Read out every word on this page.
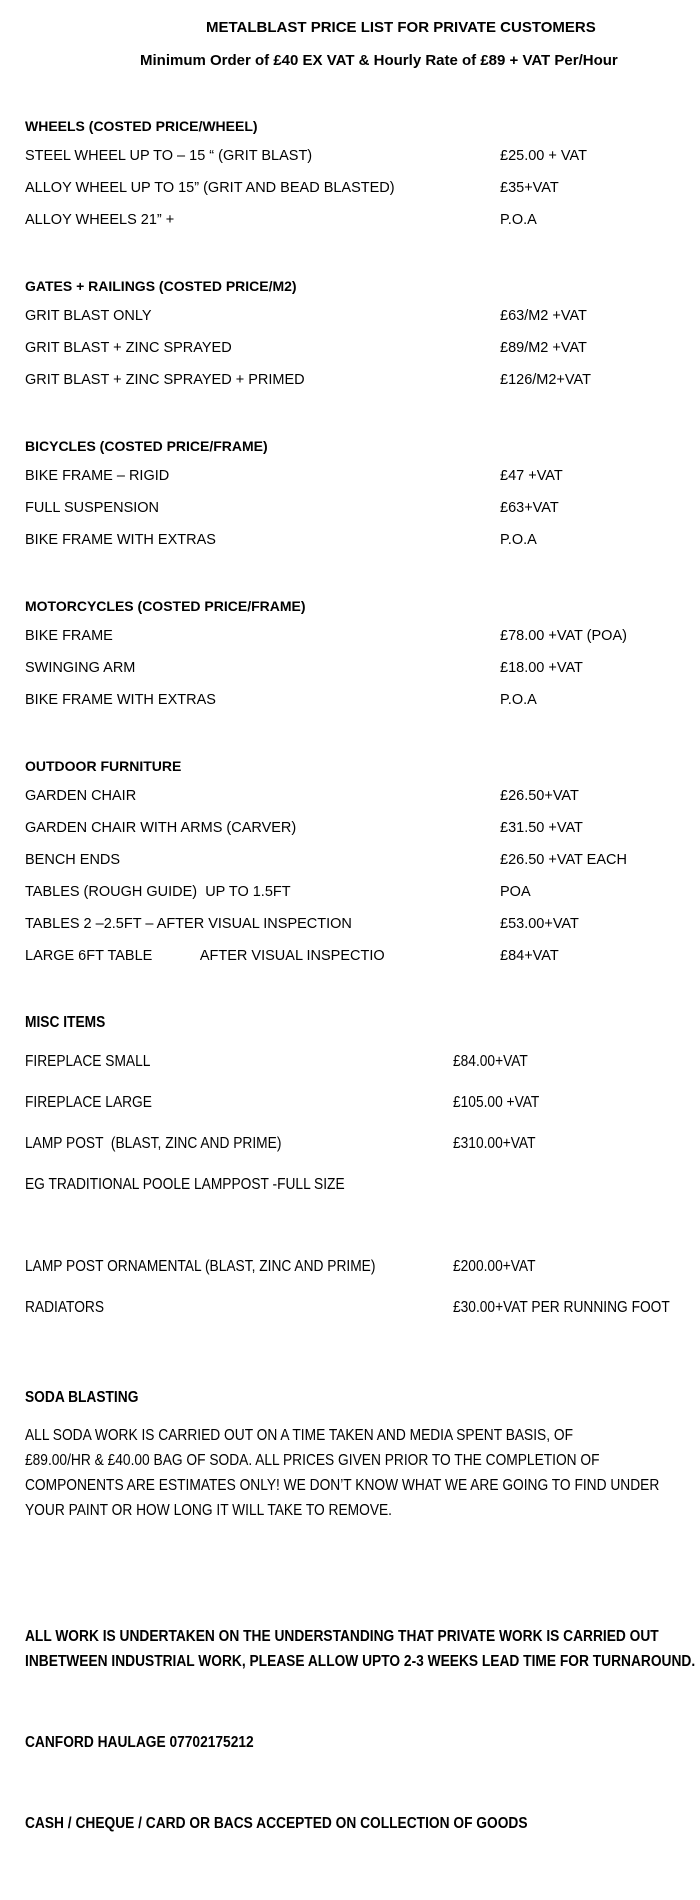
METALBLAST PRICE LIST FOR PRIVATE CUSTOMERS
Minimum Order of £40 EX VAT & Hourly Rate of £89 + VAT Per/Hour
WHEELS (COSTED PRICE/WHEEL)
STEEL WHEEL UP TO – 15 “ (GRIT BLAST)	£25.00 + VAT
ALLOY WHEEL UP TO 15” (GRIT AND BEAD BLASTED)	£35+VAT
ALLOY WHEELS 21” +	P.O.A
GATES + RAILINGS (COSTED PRICE/M2)
GRIT BLAST ONLY	£63/M2 +VAT
GRIT BLAST + ZINC SPRAYED	£89/M2 +VAT
GRIT BLAST + ZINC SPRAYED + PRIMED	£126/M2+VAT
BICYCLES (COSTED PRICE/FRAME)
BIKE FRAME – RIGID	£47 +VAT
FULL SUSPENSION	£63+VAT
BIKE FRAME WITH EXTRAS	P.O.A
MOTORCYCLES (COSTED PRICE/FRAME)
BIKE FRAME	£78.00 +VAT (POA)
SWINGING ARM	£18.00 +VAT
BIKE FRAME WITH EXTRAS	P.O.A
OUTDOOR FURNITURE
GARDEN CHAIR	£26.50+VAT
GARDEN CHAIR WITH ARMS (CARVER)	£31.50 +VAT
BENCH ENDS	£26.50 +VAT EACH
TABLES (ROUGH GUIDE)  UP TO 1.5FT	POA
TABLES 2 –2.5FT – AFTER VISUAL INSPECTION	£53.00+VAT
LARGE 6FT TABLE            AFTER VISUAL INSPECTIO	£84+VAT
MISC ITEMS
FIREPLACE SMALL	£84.00+VAT
FIREPLACE LARGE	£105.00 +VAT
LAMP POST  (BLAST, ZINC AND PRIME)	£310.00+VAT
EG TRADITIONAL POOLE LAMPPOST -FULL SIZE
LAMP POST ORNAMENTAL (BLAST, ZINC AND PRIME)	£200.00+VAT
RADIATORS	£30.00+VAT PER RUNNING FOOT
SODA BLASTING
ALL SODA WORK IS CARRIED OUT ON A TIME TAKEN AND MEDIA SPENT BASIS, OF
£89.00/HR & £40.00 BAG OF SODA. ALL PRICES GIVEN PRIOR TO THE COMPLETION OF
COMPONENTS ARE ESTIMATES ONLY! WE DON’T KNOW WHAT WE ARE GOING TO FIND UNDER
YOUR PAINT OR HOW LONG IT WILL TAKE TO REMOVE.
ALL WORK IS UNDERTAKEN ON THE UNDERSTANDING THAT PRIVATE WORK IS CARRIED OUT
INBETWEEN INDUSTRIAL WORK, PLEASE ALLOW UPTO 2-3 WEEKS LEAD TIME FOR TURNAROUND.
CANFORD HAULAGE 07702175212
CASH / CHEQUE / CARD OR BACS ACCEPTED ON COLLECTION OF GOODS
